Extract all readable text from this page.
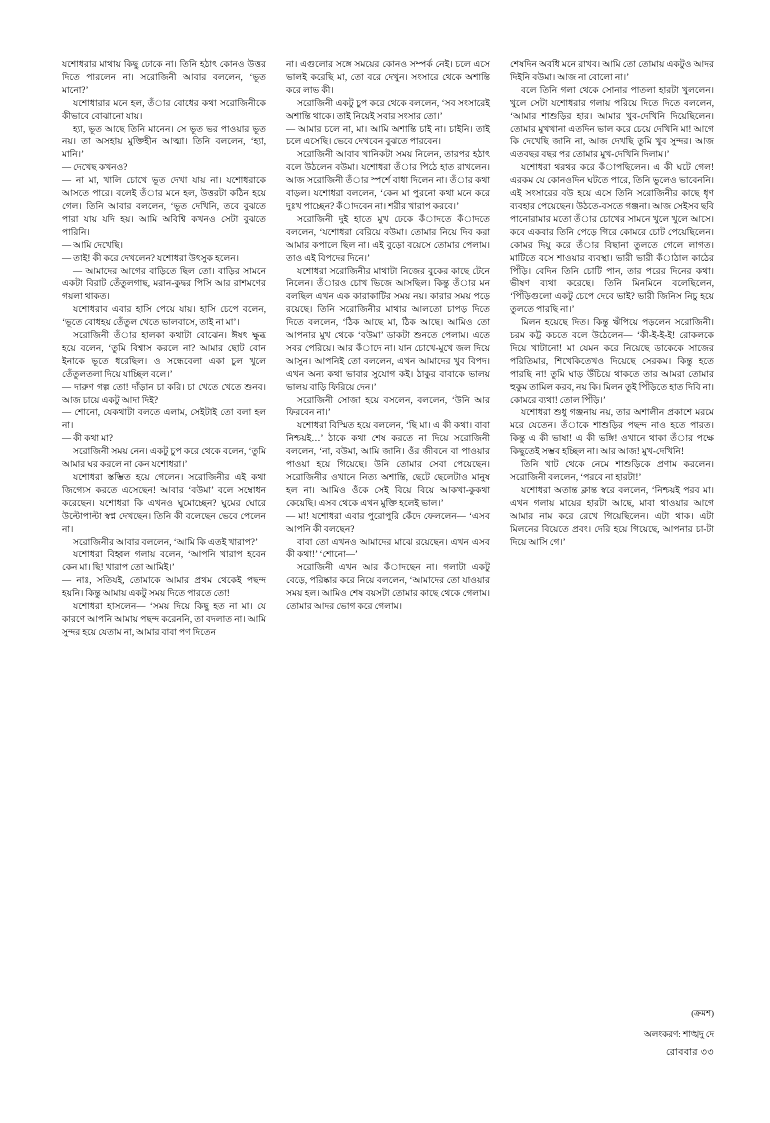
যশোধরার মাথায় কিছু ঢোকে না। তিনি হঠাৎ কোনও উত্তর দিতে পারলেন না। সরোজিনী আবার বললেন, ‘ভূত মানো?’

যশোধারার মনে হল, তঁার বোধের কথা সরোজিনীকে কীভাবে বোঝানো যায়।

হ্যা, ভূত আছে তিনি মানেন। সে ভূত ভর পাওয়ার ভূত নয়। তা অসহায় মুক্তিহীন আত্মা। তিনি বললেন, ‘হ্যা, মানি।’

— দেখেছ কখনও?

— না মা, খালি চোখে ভূত দেখা যায় না। যশোধরাকে আসতে পারে। বলেই তঁার মনে হল, উত্তরটা কঠিন হয়ে গেল। তিনি আবার বললেন, ‘ভূত দেখিনি, তবে বুঝতে পারা যায় যদি হয়। আমি অবিশ্বি কখনও সেটা বুঝতে পারিনি।

— আমি দেখেছি।

— তাই! কী করে দেখলেন? যশোধরা উৎসুক হলেন।

— আমাদের আগের বাড়িতে ছিল তো। বাড়ির সামনে একটা বিরাট তেঁতুলগাছ, মরান-কুদ্বর পিসি আর রাশমণের গয়লা থাকত।

যশোধরাব এবার হাসি পেয়ে যায়। হাসি চেপে বলেন, ‘ভূতে বোধহয় তেঁতুল খেতে ভালবাসে, তাই না মা’।

সরোজিনী তঁার হালকা কথাটা বোঝেন। ঈষৎ ক্ষুব্ধ হয়ে বলেন, ‘তুমি বিশ্বাস করলে না? আমার ছোট বোন ইনাকে ভূতে ধরেছিল। ও সন্ধেবেলা একা চুল খুলে তেঁতুলতলা দিয়ে যাচ্ছিল বলে।’

— দারুণ গল্প তো! দাঁড়ান চা করি। চা খেতে খেতে শুনব। আজ চায়ে একটু আদা দিই?

— শোনো, যেকথাটা বলতে এলাম, সেইটাই তো বলা হল না।

— কী কথা মা?

সরোজিনী সময় নেন। একটু চুপ করে থেকে বলেন, ‘তুমি আমার ঘর করলে না কেন যশোধরা।’

যশোধরা স্তম্ভিত হয়ে গেলেন। সরোজিনীর এই কথা জিগ্যেস করতে এসেছেন! আবার ‘বউমা’ বলে সম্বোধন করেছেন। যশোধরা কি এখনও ঘুমোচ্ছেন? ঘুমের ঘোরে উল্টোপাল্টা স্বপ্ন দেখছেন। তিনি কী বলেছেন ভেবে পেলেন না।

সরোজিনীর আবার বললেন, ‘আমি কি এতই খারাপ?’

যশোধরা বিহ্বল গলায় বলেন, ‘আপনি খারাপ হবেন কেন মা। ছি! খারাপ তো আমিই।’

— নাঃ, সতিযই, তোমাকে আমার প্রথম থেকেই পছন্দ হয়নি। কিন্তু আমায় একটু সময় দিতে পারতে তো!

যশোধরা হাসলেন— ‘সময় দিয়ে কিছু হত না মা। যে কারণে আপনি আমায় পছন্দ করেননি, তা বদলাত না। আমি সুন্দর হয়ে যেতাম না, আমার বাবা পণ দিতেন

না। এগুলোর সঙ্গে সময়ের কোনও সম্পর্ক নেই। চলে এসে ভালই করেছি মা, তো বরে দেখুন। সংসারে থেকে অশান্তি করে লাভ কী।

সরোজিনী একটু চুপ করে থেকে বললেন, ‘সব সংসারেই অশান্তি থাকে। তাই নিয়েই সবার সংসার তো।’

— আমার চলে না, মা। আমি অশান্তি চাই না। চাইনি। তাই চলে এসেছি। ভেবে দেখবেন বুঝতে পারবেন।

সরোজিনী আবাব খানিকটা সময় নিলেন, তারপর হঠাৎ বলে উঠলেন বউমা। যশোধরা তঁার পিঠে হাত রাখলেন। আজ সরোজিনী তঁার স্পর্শে বাধা দিলেন না। তঁার কথা বাড়ল। যশোধরা বললেন, ‘কেন মা পুরনো কথা মনে করে দুঃখ পাচ্ছেন? কঁাদবেন না। শরীর খারাপ করবে।’

সরোজিনী দুই হাতে মুখ ঢেকে কঁাদতে কঁাদতে বললেন, ‘যশোধরা বেরিয়ে বউমা। তোমার নিয়ে দিব করা আমার কপালে ছিল না। এই বুড়ো বয়েসে তোমার পেলাম। তাও এই বিপদের দিনে।’

যশোধরা সরোজিনীর মাথাটা নিজের বুকের কাছে টেনে নিলেন। তঁারও চোখ ভিজে আসছিল। কিন্তু তঁার মন বলছিল এখন এক কারাকাটির সময় নয়। কারার সময় পড়ে রয়েছে। তিনি সরোজিনীর মাথার আলতো চাপড় দিতে দিতে বললেন, ‘ঠিক আছে মা, ঠিক আছে। আমিও তো আপনার মুখ থেকে ‘বউমা’ ডাকটা শুনতে পেলাম। এতে সবর পেরিয়ে। আর কঁাদে না। যান চোখে-মুখে জল দিয়ে আসুন। আপনিই তো বললেন, এখন আমাদের খুব বিপদ। এখন অন্য কথা ভাবার সুযোগ কই। ঠাকুর বাবাকে ভালয় ভালয় বাড়ি ফিরিয়ে দেন।’

সরোজিনী সোজা হয়ে বসলেন, বললেন, ‘উনি আর ফিরবেন না।’

যশোধরা বিস্মিত হয়ে বললেন, ‘ছি মা। এ কী কথা। বাবা নিশ্চয়ই…’ ঠাকে কথা শেষ করতে না দিয়ে সরোজিনী বললেন, ‘না, বউমা, আমি জানি। ওঁর জীবনে বা পাওয়ার পাওয়া হয়ে গিয়েছে। উনি তোমার সেবা পেয়েছেন। সরোজিনীর ওখানে নিত্য অশান্তি, ছেটে ছেলেটাও মানুষ হল না। আমিও ওঁকে সেই বিয়ে বিয়ে আকখা-কুকথা কেয়েছি। এসব থেকে এখন মুক্তি হলেই ভাল।’

— মা! যশোধরা এবার পুরোপুরি কেঁদে ফেললেন— ‘এসব আপনি কী বলছেন?

বাবা তো এখনও আমাদের মাঝে রয়েছেন। এখন এসব কী কথা!’ ‘শোনো—’

সরোজিনী এখন আর কঁাদছেন না। গলাটা একটু বেড়ে, পরিষ্কার করে নিয়ে বললেন, ‘আমাদের তো যাওয়ার সময় হল। আমিও শেষ বয়সটা তোমার কাছে থেকে গেলাম। তোমার আদর ভোগ করে গেলাম।

শেষদিন অবধি মনে রাখব। আমি তো তোমায় একটুও আদর দিইনি বউমা। আজ না বোলো না।’

বলে তিনি গলা থেকে সোনার পাতলা হারটা খুললেন। খুলে সেটা যশোধরার গলায় পরিয়ে দিতে দিতে বললেন, ‘আমার শাশুড়ির হার। আমার খুব-দেখিনি দিয়েছিলেন। তোমার মুখখানা এতদিন ভাল করে চেয়ে দেখিনি মা! আগে কি দেখেছি জানি না, আজ দেখছি তুমি খুব সুন্দর। আজ এতবছর বছর পর তোমার মুখ-দেখিনি দিলাম।’

যশোধরা থরথর করে কঁাপছিলেন। এ কী ঘটে গেল! এরকম যে কোনওদিন ঘটতে পারে, তিনি ভুলেও ভাবেননি। এই সংসারের বউ হয়ে এসে তিনি সরোজিনীর কাছে ধৃণ ব্যবহার পেয়েছেন। উঠতে-বসতে গঞ্জনা। আজ সেইসব ছবি পানোরামার মতো তঁার চোখের সামনে খুলে খুলে আসে। কবে একবার তিনি পেড়ে গিরে কোমরে চোট পেয়েছিলেন। কোমর দিযু করে তঁার বিছানা তুলতে গেলে লাগত। মাটিতে বসে শাওয়ার ব্যবস্থা। ভারী ভারী কঁাঠাল কাঠের পিঁড়ি। বেদিন তিনি চোটি পান, তার পরের দিনের কথা। ভীষণ ব্যথা করেছে। তিনি মিনমিনে বলেছিলেন, ‘পিঁড়িগুলো একটু চেপে দেবে ভাই? ভারী জিনিস নিচু হয়ে তুলতে পারছি না।’

মিলন হয়েছে দিত। কিন্তু ঋঁপিয়ে পড়লেন সরোজিনী। চরম কট্ট কচতে বলে উঠেলেন— ‘কী-ই-ই-ই! রোকলকে দিয়ে খাটানো! মা যেমন করে নিয়েছে ডাকেকে সাজের পরিতিমার, শিখেকিতেখও দিয়েছে সেরকম। কিন্তু হতে পারছি না! তুমি ঘাড় উঁচিয়ে থাকতে তার আমরা তোমার হুকুম তামিল করব, নয় কি। মিলন তুই পিঁড়িতে হাত দিবি না। কোমরে ব্যথা! তোল পিঁড়ি।’

যশোধরা শুধু গঞ্জনায় নয়, তার অশালীন প্রকাশে মরমে মরে যেতেন। তঁাকে শাশুড়ির পছন্দ নাও হতে পারত। কিন্তু এ কী ভাষা! এ কী ভঙ্গি! ওখানে থাকা তঁার পক্ষে কিছুতেই সম্ভব হচ্ছিল না। আর আজ! মুখ-দেখিনি!

তিনি খাট থেকে নেমে শাশুড়িকে প্রণাম করলেন। সরোজিনী বললেন, ‘পরবে না হারটা!’

যশোধরা অতান্ত ক্লান্ত স্বরে বললেন, ‘নিশ্চয়ই পরব মা। এখন গলায় মায়ের হারটা আছে, মাবা থাওয়ার আগে আমার নাম করে রেখে গিয়েছিলেন। এটা থাক। এটা মিলনের বিয়েতে প্রবং। দেরি হয়ে গিয়েছে, আপনার চা-টা দিয়ে আসি গে।’

(ক্রমশ)
অলংকরণ: শাঙ্খদু দে
রোববার ৩৩
